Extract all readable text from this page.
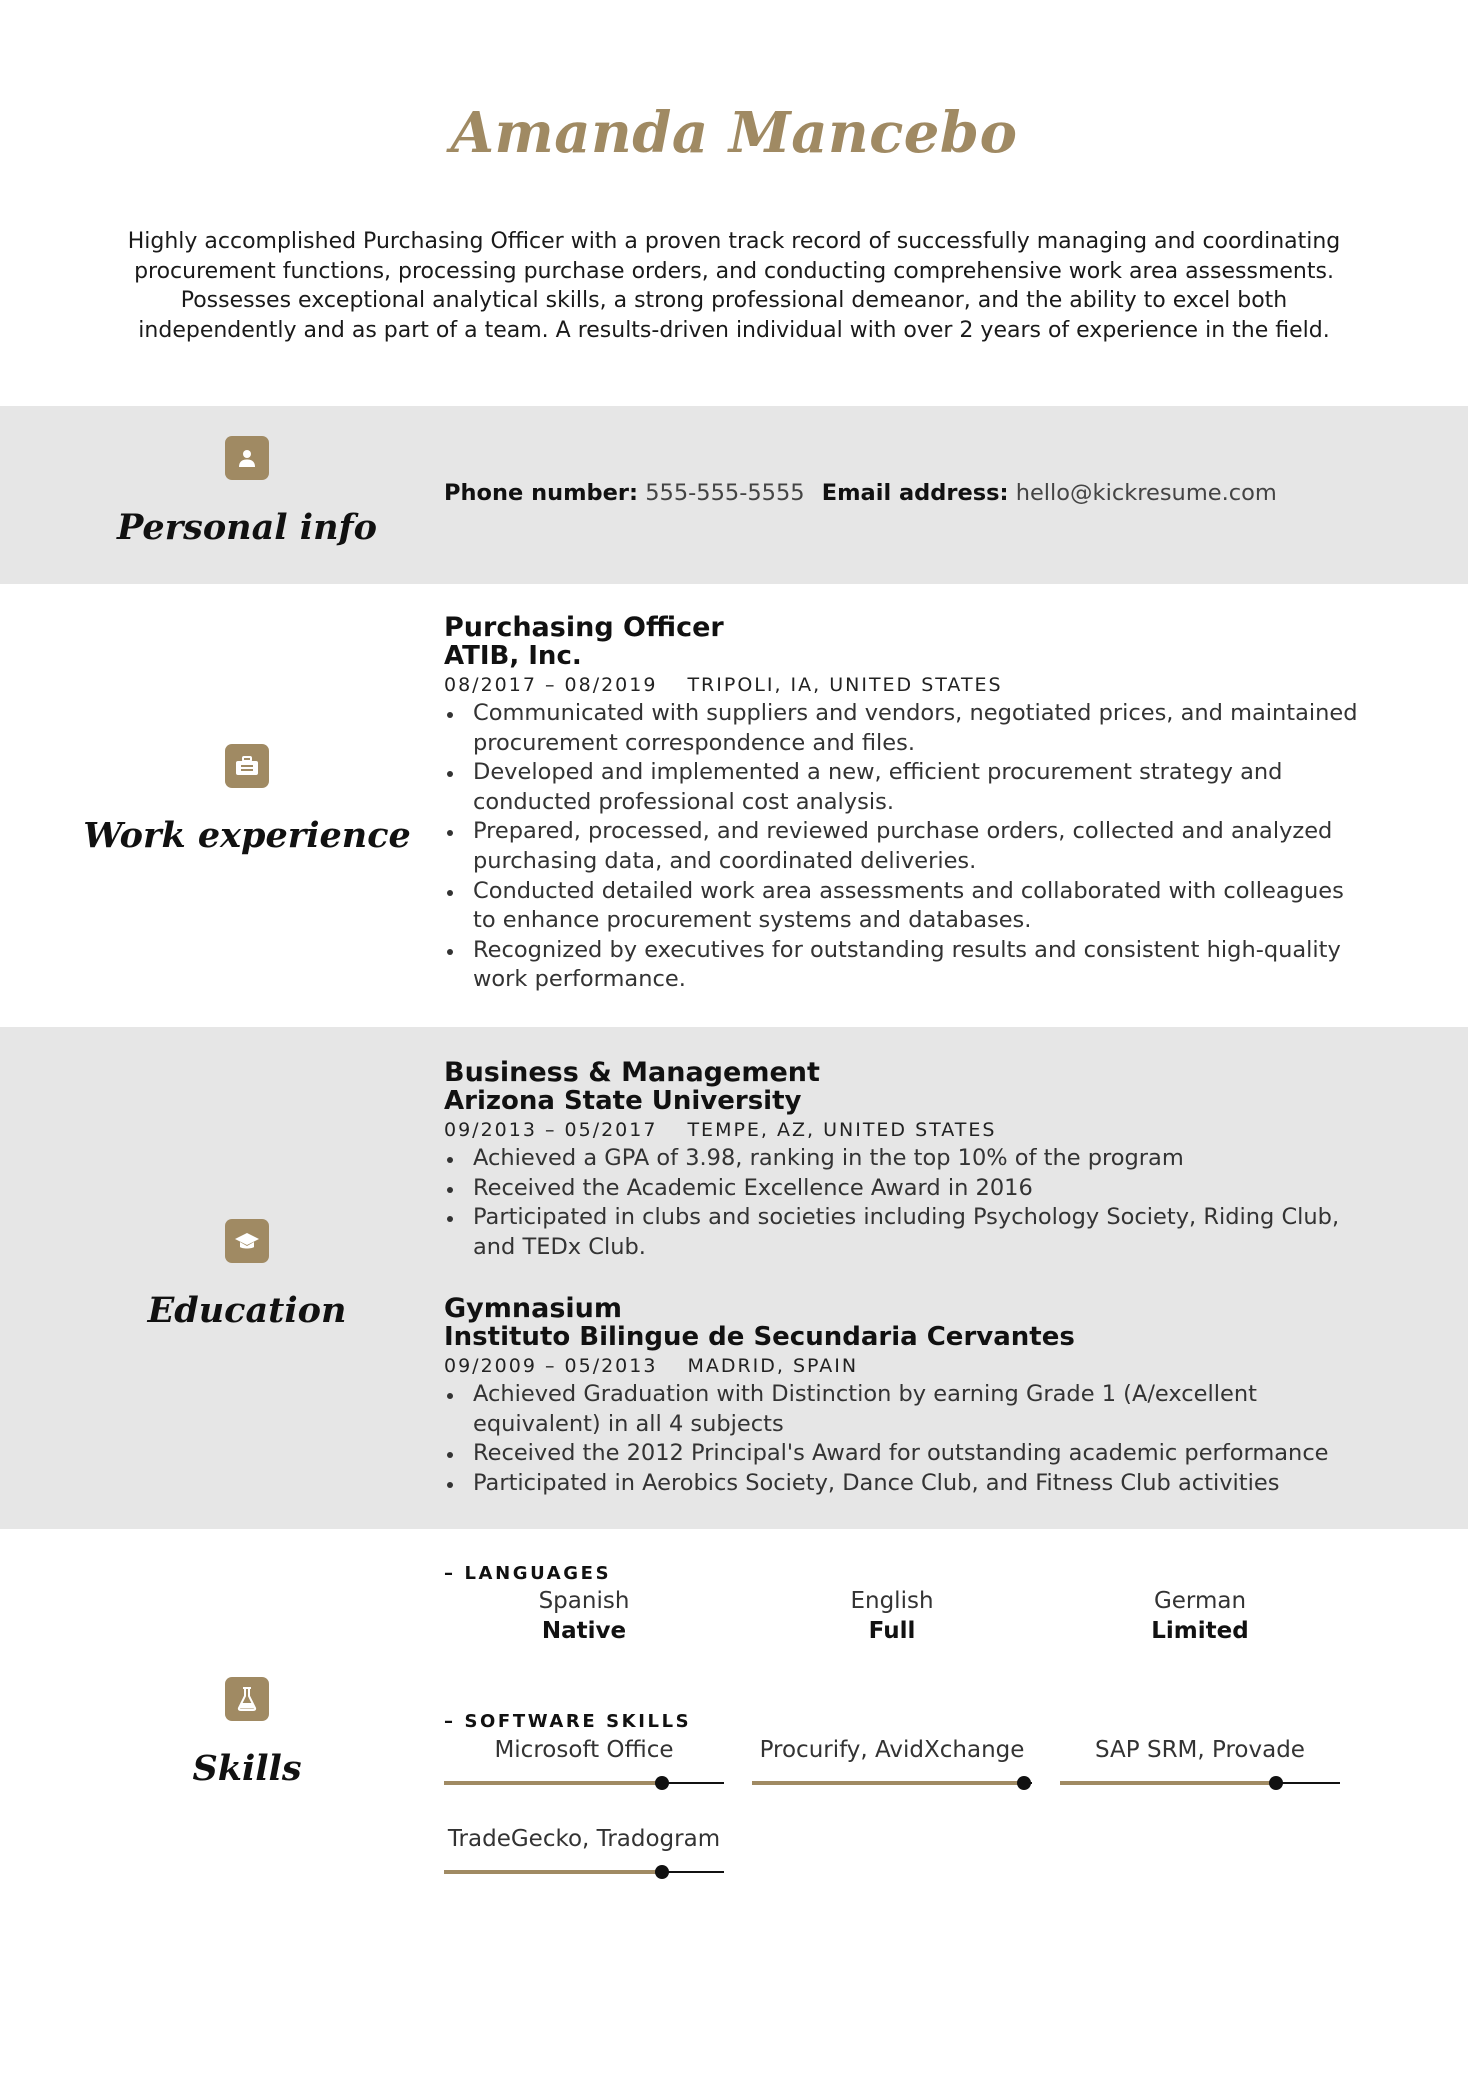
Amanda Mancebo

Highly accomplished Purchasing Officer with a proven track record of successfully managing and coordinating procurement functions, processing purchase orders, and conducting comprehensive work area assessments. Possesses exceptional analytical skills, a strong professional demeanor, and the ability to excel both independently and as part of a team. A results-driven individual with over 2 years of experience in the field.

Personal info
Phone number: 555-555-5555 Email address: hello@kickresume.com
Work experience
Purchasing Officer
ATIB, Inc.
08/2017 – 08/2019 TRIPOLI, IA, UNITED STATES
Communicated with suppliers and vendors, negotiated prices, and maintained procurement correspondence and files.
Developed and implemented a new, efficient procurement strategy and conducted professional cost analysis.
Prepared, processed, and reviewed purchase orders, collected and analyzed purchasing data, and coordinated deliveries.
Conducted detailed work area assessments and collaborated with colleagues to enhance procurement systems and databases.
Recognized by executives for outstanding results and consistent high-quality work performance.
Education
Business & Management
Arizona State University
09/2013 – 05/2017 TEMPE, AZ, UNITED STATES
Achieved a GPA of 3.98, ranking in the top 10% of the program
Received the Academic Excellence Award in 2016
Participated in clubs and societies including Psychology Society, Riding Club, and TEDx Club.
Gymnasium
Instituto Bilingue de Secundaria Cervantes
09/2009 – 05/2013 MADRID, SPAIN
Achieved Graduation with Distinction by earning Grade 1 (A/excellent equivalent) in all 4 subjects
Received the 2012 Principal's Award for outstanding academic performance
Participated in Aerobics Society, Dance Club, and Fitness Club activities
Skills
– LANGUAGES
Spanish
Native
English
Full
German
Limited
– SOFTWARE SKILLS
Microsoft Office	Procurify, AvidXchange	SAP SRM, Provade
TradeGecko, Tradogram
